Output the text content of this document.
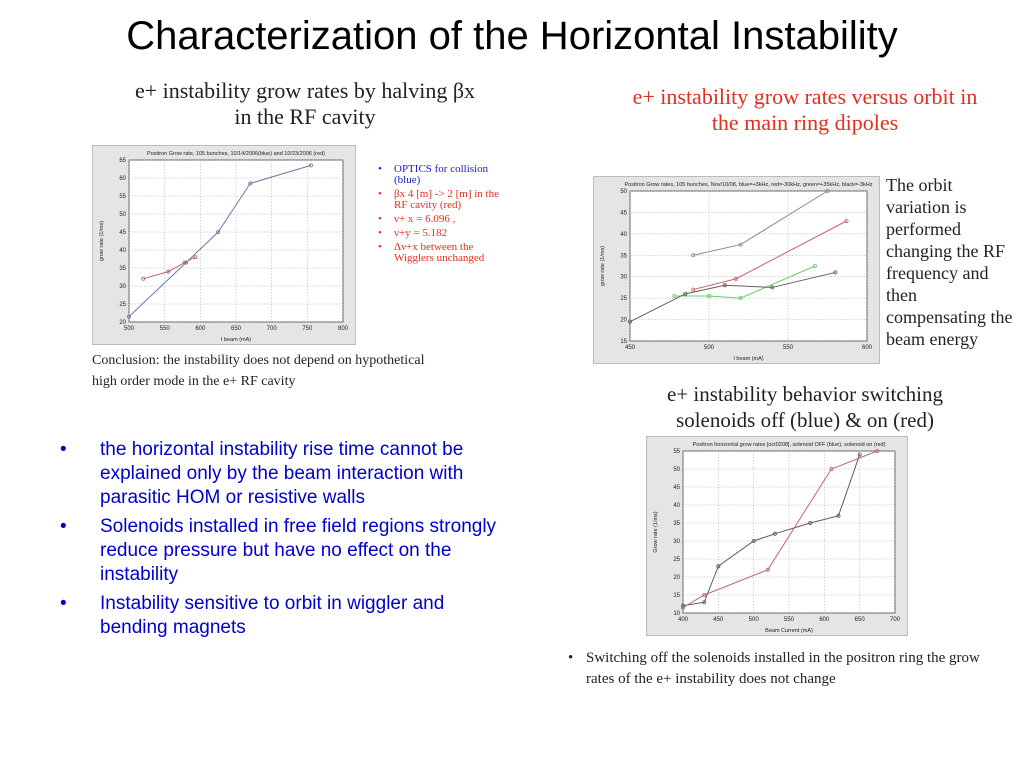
Characterization of the Horizontal Instability
e+ instability grow rates by halving βx
in the RF cavity
e+ instability grow rates versus orbit in
the main ring dipoles
Positron Grow rate, 105 bunches, 10/14/2006(blue) and 10/23/2006 (red)
500	550	600	650	700	750	800
20
25
30
35
40
45
50
55
60
65
I beam (mA)
grow rate (1/ms)
• OPTICS for collision (blue)
• βx 4 [m] -> 2 [m] in the RF cavity (red)
• ν+ x = 6.096 ,
• ν+y = 5.182
• Δν+x between the Wigglers unchanged
Conclusion: the instability does not depend on hypothetical
high order mode in the e+ RF cavity
Positron Grow rates, 105 bunches, Nov/10/08, blue=+3kHz, red=-30kHz, green=+35kHz, black=-3kHz
450	500	550	600
15
20
25
30
35
40
45
50
I beam (mA)
grow rate (1/ms)
The orbit variation is performed changing the RF frequency and then compensating the beam energy
e+ instability behavior switching
solenoids off (blue) & on (red)
Positron horizontal grow rates [oct0208], solenoid OFF (blue), solenoid on (red)
400	450	500	550	600	650	700
10
15
20
25
30
35
40
45
50
55
Beam Current (mA)
Grow rate (1/ms)
• the horizontal instability rise time cannot be explained only by the beam interaction with parasitic HOM or resistive walls
• Solenoids installed in free field regions strongly reduce pressure but have no effect on the instability
• Instability sensitive to orbit in wiggler and bending magnets
• Switching off the solenoids installed in the positron ring the grow rates of the e+ instability does not change
